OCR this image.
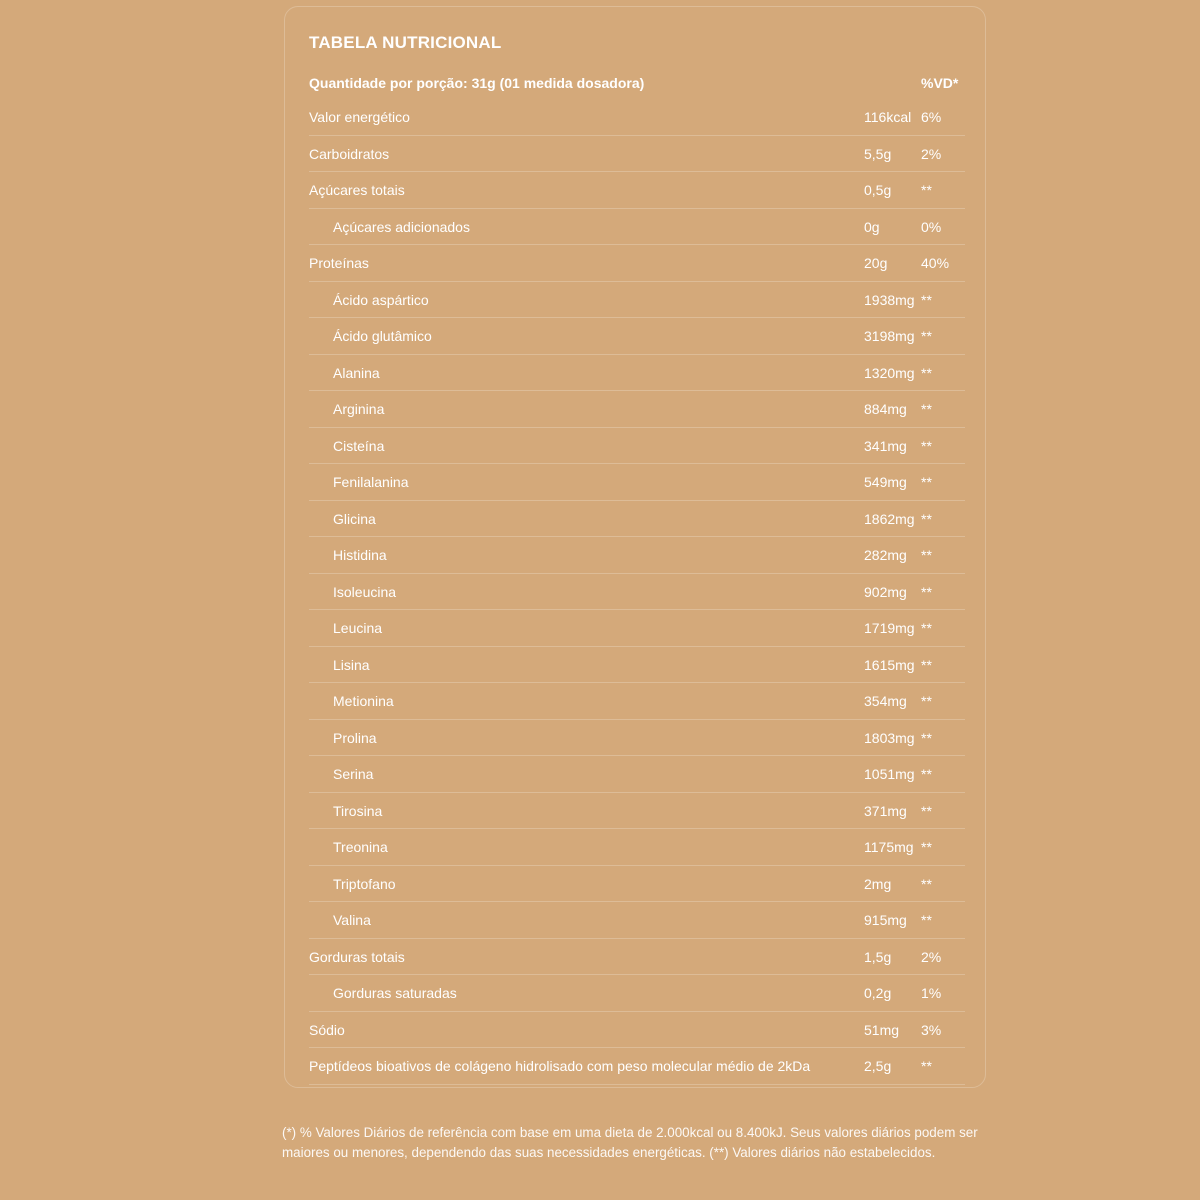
TABELA NUTRICIONAL
Quantidade por porção: 31g (01 medida dosadora)	%VD*
Valor energético	116kcal 6%
Carboidratos	5,5g 2%
Açúcares totais	0,5g **
Açúcares adicionados	0g	0%
Proteínas	20g 40%
Ácido aspártico	1938mg **
Ácido glutâmico	3198mg **
Alanina	1320mg **
Arginina	884mg **
Cisteína	341mg **
Fenilalanina	549mg **
Glicina	1862mg **
Histidina	282mg **
Isoleucina	902mg **
Leucina	1719mg **
Lisina	1615mg **
Metionina	354mg **
Prolina	1803mg **
Serina	1051mg **
Tirosina	371mg **
Treonina	1175mg **
Triptofano	2mg **
Valina	915mg **
Gorduras totais	1,5g 2%
Gorduras saturadas	0,2g 1%
Sódio	51mg 3%
Peptídeos bioativos de colágeno hidrolisado com peso molecular médio de 2kDa	2,5g **
(*) % Valores Diários de referência com base em uma dieta de 2.000kcal ou 8.400kJ. Seus valores diários podem ser maiores ou menores, dependendo das suas necessidades energéticas. (**) Valores diários não estabelecidos.
